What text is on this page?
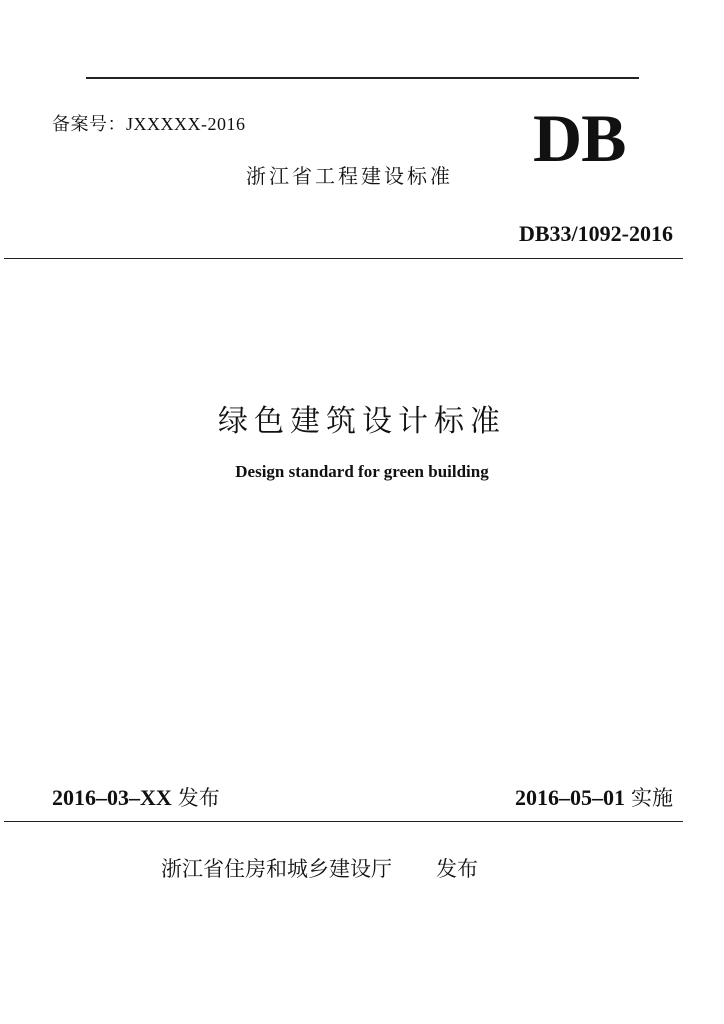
备案号：JXXXXX-2016
浙江省工程建设标准 DB
DB33/1092-2016
绿色建筑设计标准
Design standard for green building
2016–03–XX 发布	2016–05–01 实施
浙江省住房和城乡建设厅 发布
